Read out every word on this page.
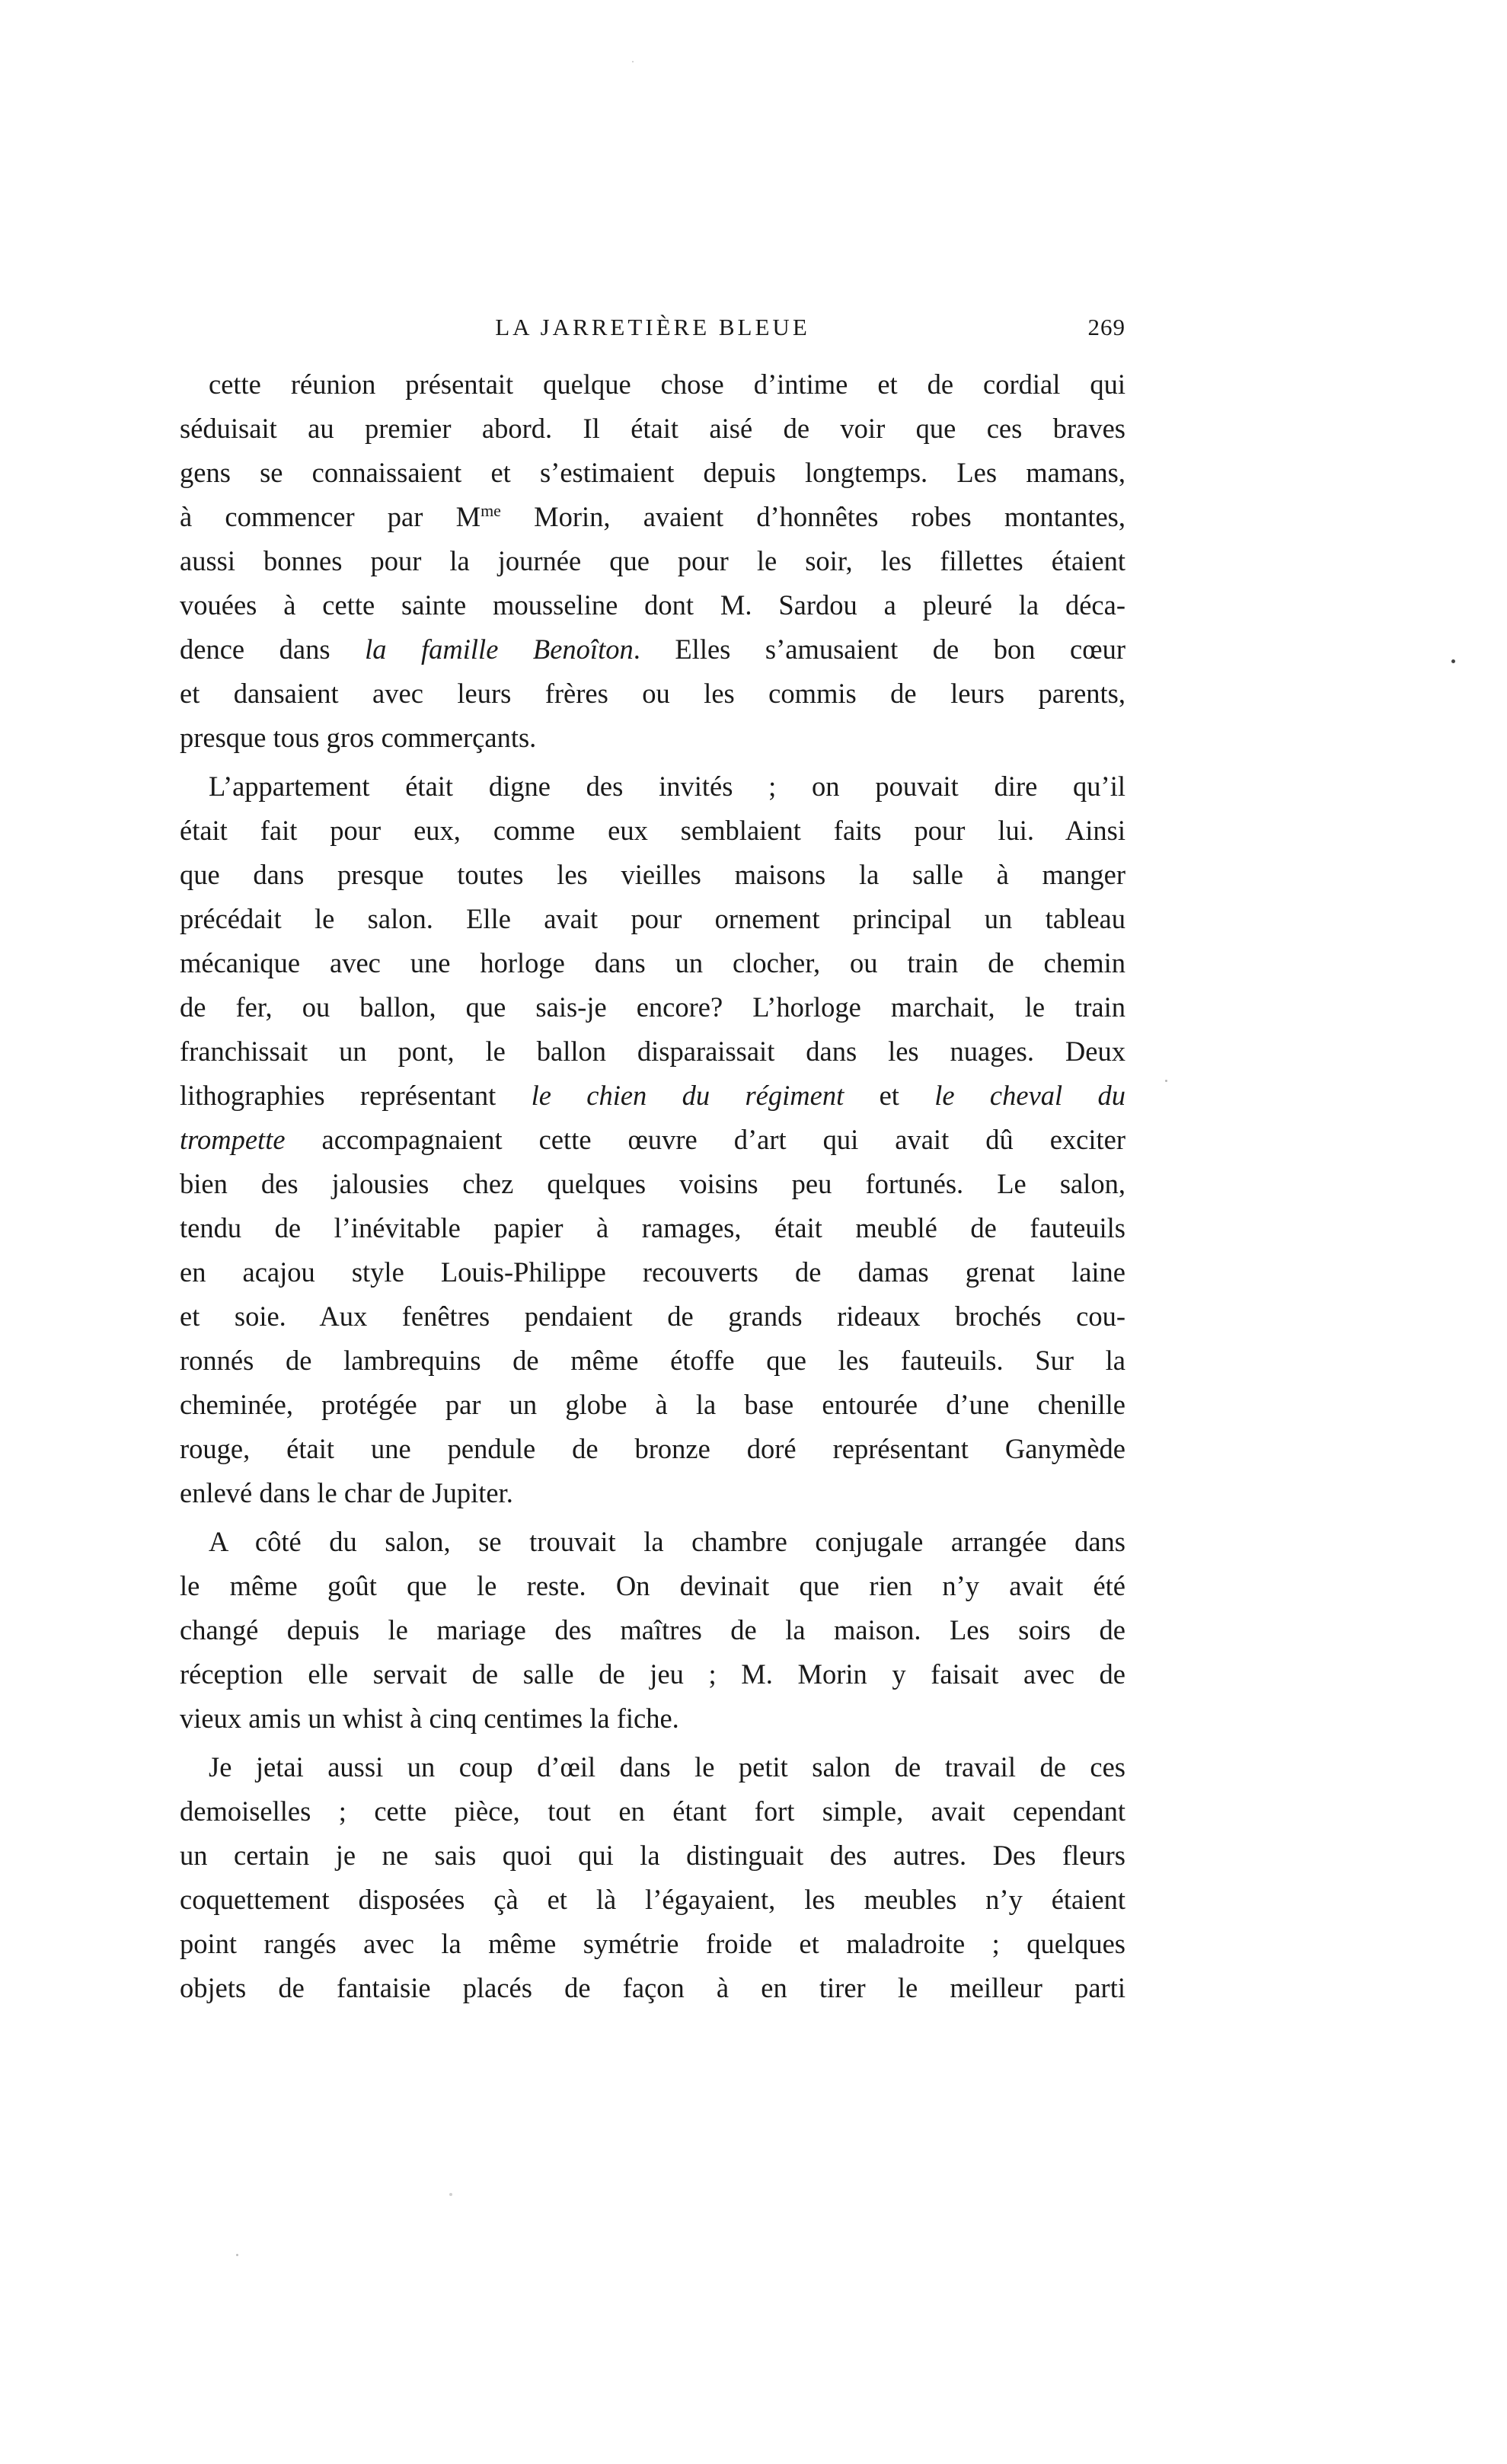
LA JARRETIÈRE BLEUE	269

cette réunion présentait quelque chose d’intime et de cordial qui
séduisait au premier abord. Il était aisé de voir que ces braves
gens se connaissaient et s’estimaient depuis longtemps. Les mamans,
à commencer par $M^{me}$ Morin, avaient d’honnêtes robes montantes,
aussi bonnes pour la journée que pour le soir, les fillettes étaient
vouées à cette sainte mousseline dont M. Sardou a pleuré la déca-
dence dans la famille Benoîton. Elles s’amusaient de bon cœur
et dansaient avec leurs frères ou les commis de leurs parents,
presque tous gros commerçants.

L’appartement était digne des invités ; on pouvait dire qu’il
était fait pour eux, comme eux semblaient faits pour lui. Ainsi
que dans presque toutes les vieilles maisons la salle à manger
précédait le salon. Elle avait pour ornement principal un tableau
mécanique avec une horloge dans un clocher, ou train de chemin
de fer, ou ballon, que sais-je encore? L’horloge marchait, le train
franchissait un pont, le ballon disparaissait dans les nuages. Deux
lithographies représentant le chien du régiment et le cheval du
trompette accompagnaient cette œuvre d’art qui avait dû exciter
bien des jalousies chez quelques voisins peu fortunés. Le salon,
tendu de l’inévitable papier à ramages, était meublé de fauteuils
en acajou style Louis-Philippe recouverts de damas grenat laine
et soie. Aux fenêtres pendaient de grands rideaux brochés cou-
ronnés de lambrequins de même étoffe que les fauteuils. Sur la
cheminée, protégée par un globe à la base entourée d’une chenille
rouge, était une pendule de bronze doré représentant Ganymède
enlevé dans le char de Jupiter.

A côté du salon, se trouvait la chambre conjugale arrangée dans
le même goût que le reste. On devinait que rien n’y avait été
changé depuis le mariage des maîtres de la maison. Les soirs de
réception elle servait de salle de jeu ; M. Morin y faisait avec de
vieux amis un whist à cinq centimes la fiche.

Je jetai aussi un coup d’œil dans le petit salon de travail de ces
demoiselles ; cette pièce, tout en étant fort simple, avait cependant
un certain je ne sais quoi qui la distinguait des autres. Des fleurs
coquettement disposées çà et là l’égayaient, les meubles n’y étaient
point rangés avec la même symétrie froide et maladroite ; quelques
objets de fantaisie placés de façon à en tirer le meilleur parti
